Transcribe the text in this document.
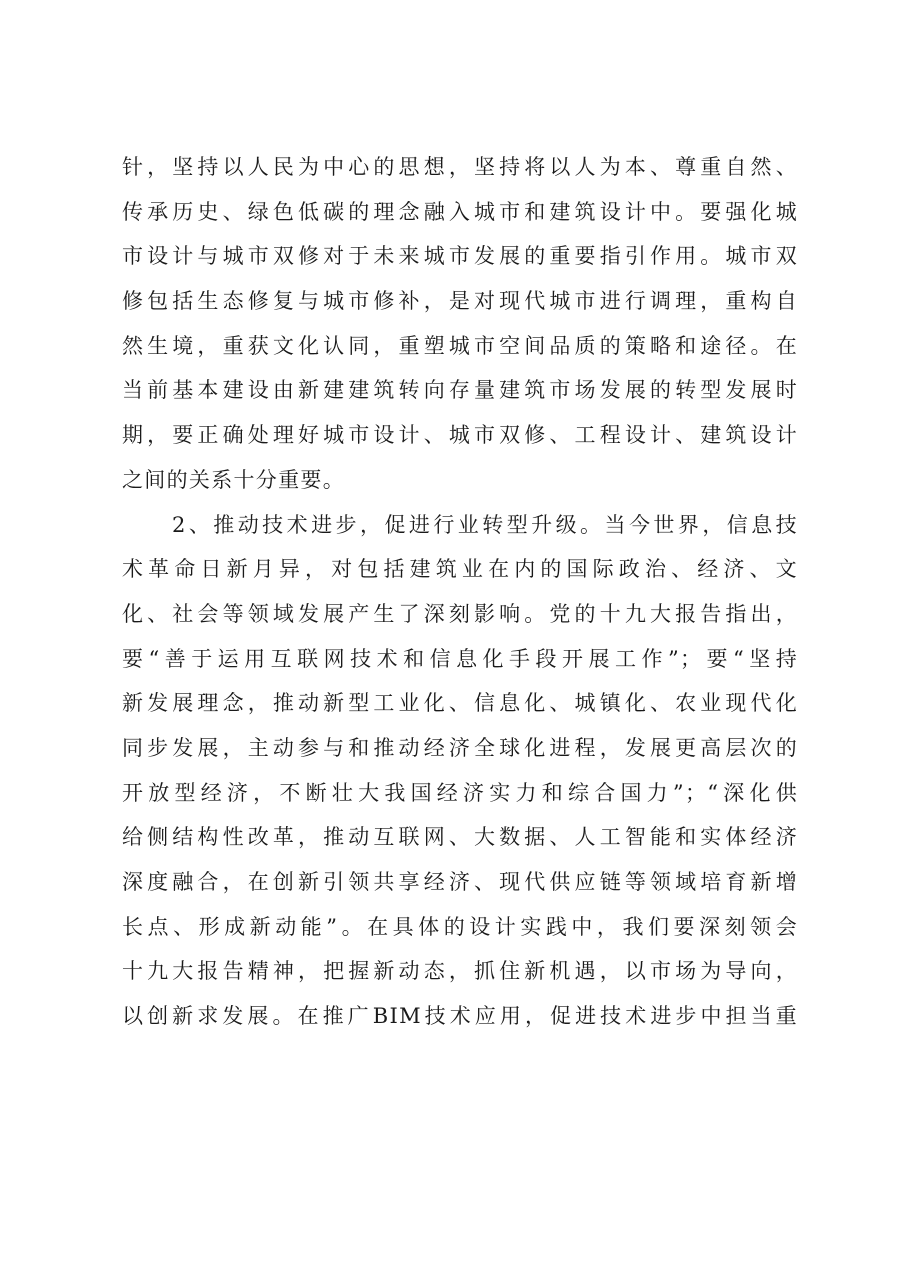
针，坚持以人民为中心的思想，坚持将以人为本、尊重自然、

传承历史、绿色低碳的理念融入城市和建筑设计中。要强化城

市设计与城市双修对于未来城市发展的重要指引作用。城市双

修包括生态修复与城市修补，是对现代城市进行调理，重构自

然生境，重获文化认同，重塑城市空间品质的策略和途径。在

当前基本建设由新建建筑转向存量建筑市场发展的转型发展时

期，要正确处理好城市设计、城市双修、工程设计、建筑设计

之间的关系十分重要。

2、推动技术进步，促进行业转型升级。当今世界，信息技

术革命日新月异，对包括建筑业在内的国际政治、经济、文

化、社会等领域发展产生了深刻影响。党的十九大报告指出，

要“善于运用互联网技术和信息化手段开展工作”；要“坚持

新发展理念，推动新型工业化、信息化、城镇化、农业现代化

同步发展，主动参与和推动经济全球化进程，发展更高层次的

开放型经济，不断壮大我国经济实力和综合国力”；“深化供

给侧结构性改革，推动互联网、大数据、人工智能和实体经济

深度融合，在创新引领共享经济、现代供应链等领域培育新增

长点、形成新动能”。在具体的设计实践中，我们要深刻领会

十九大报告精神，把握新动态，抓住新机遇，以市场为导向，

以创新求发展。在推广BIM技术应用，促进技术进步中担当重
